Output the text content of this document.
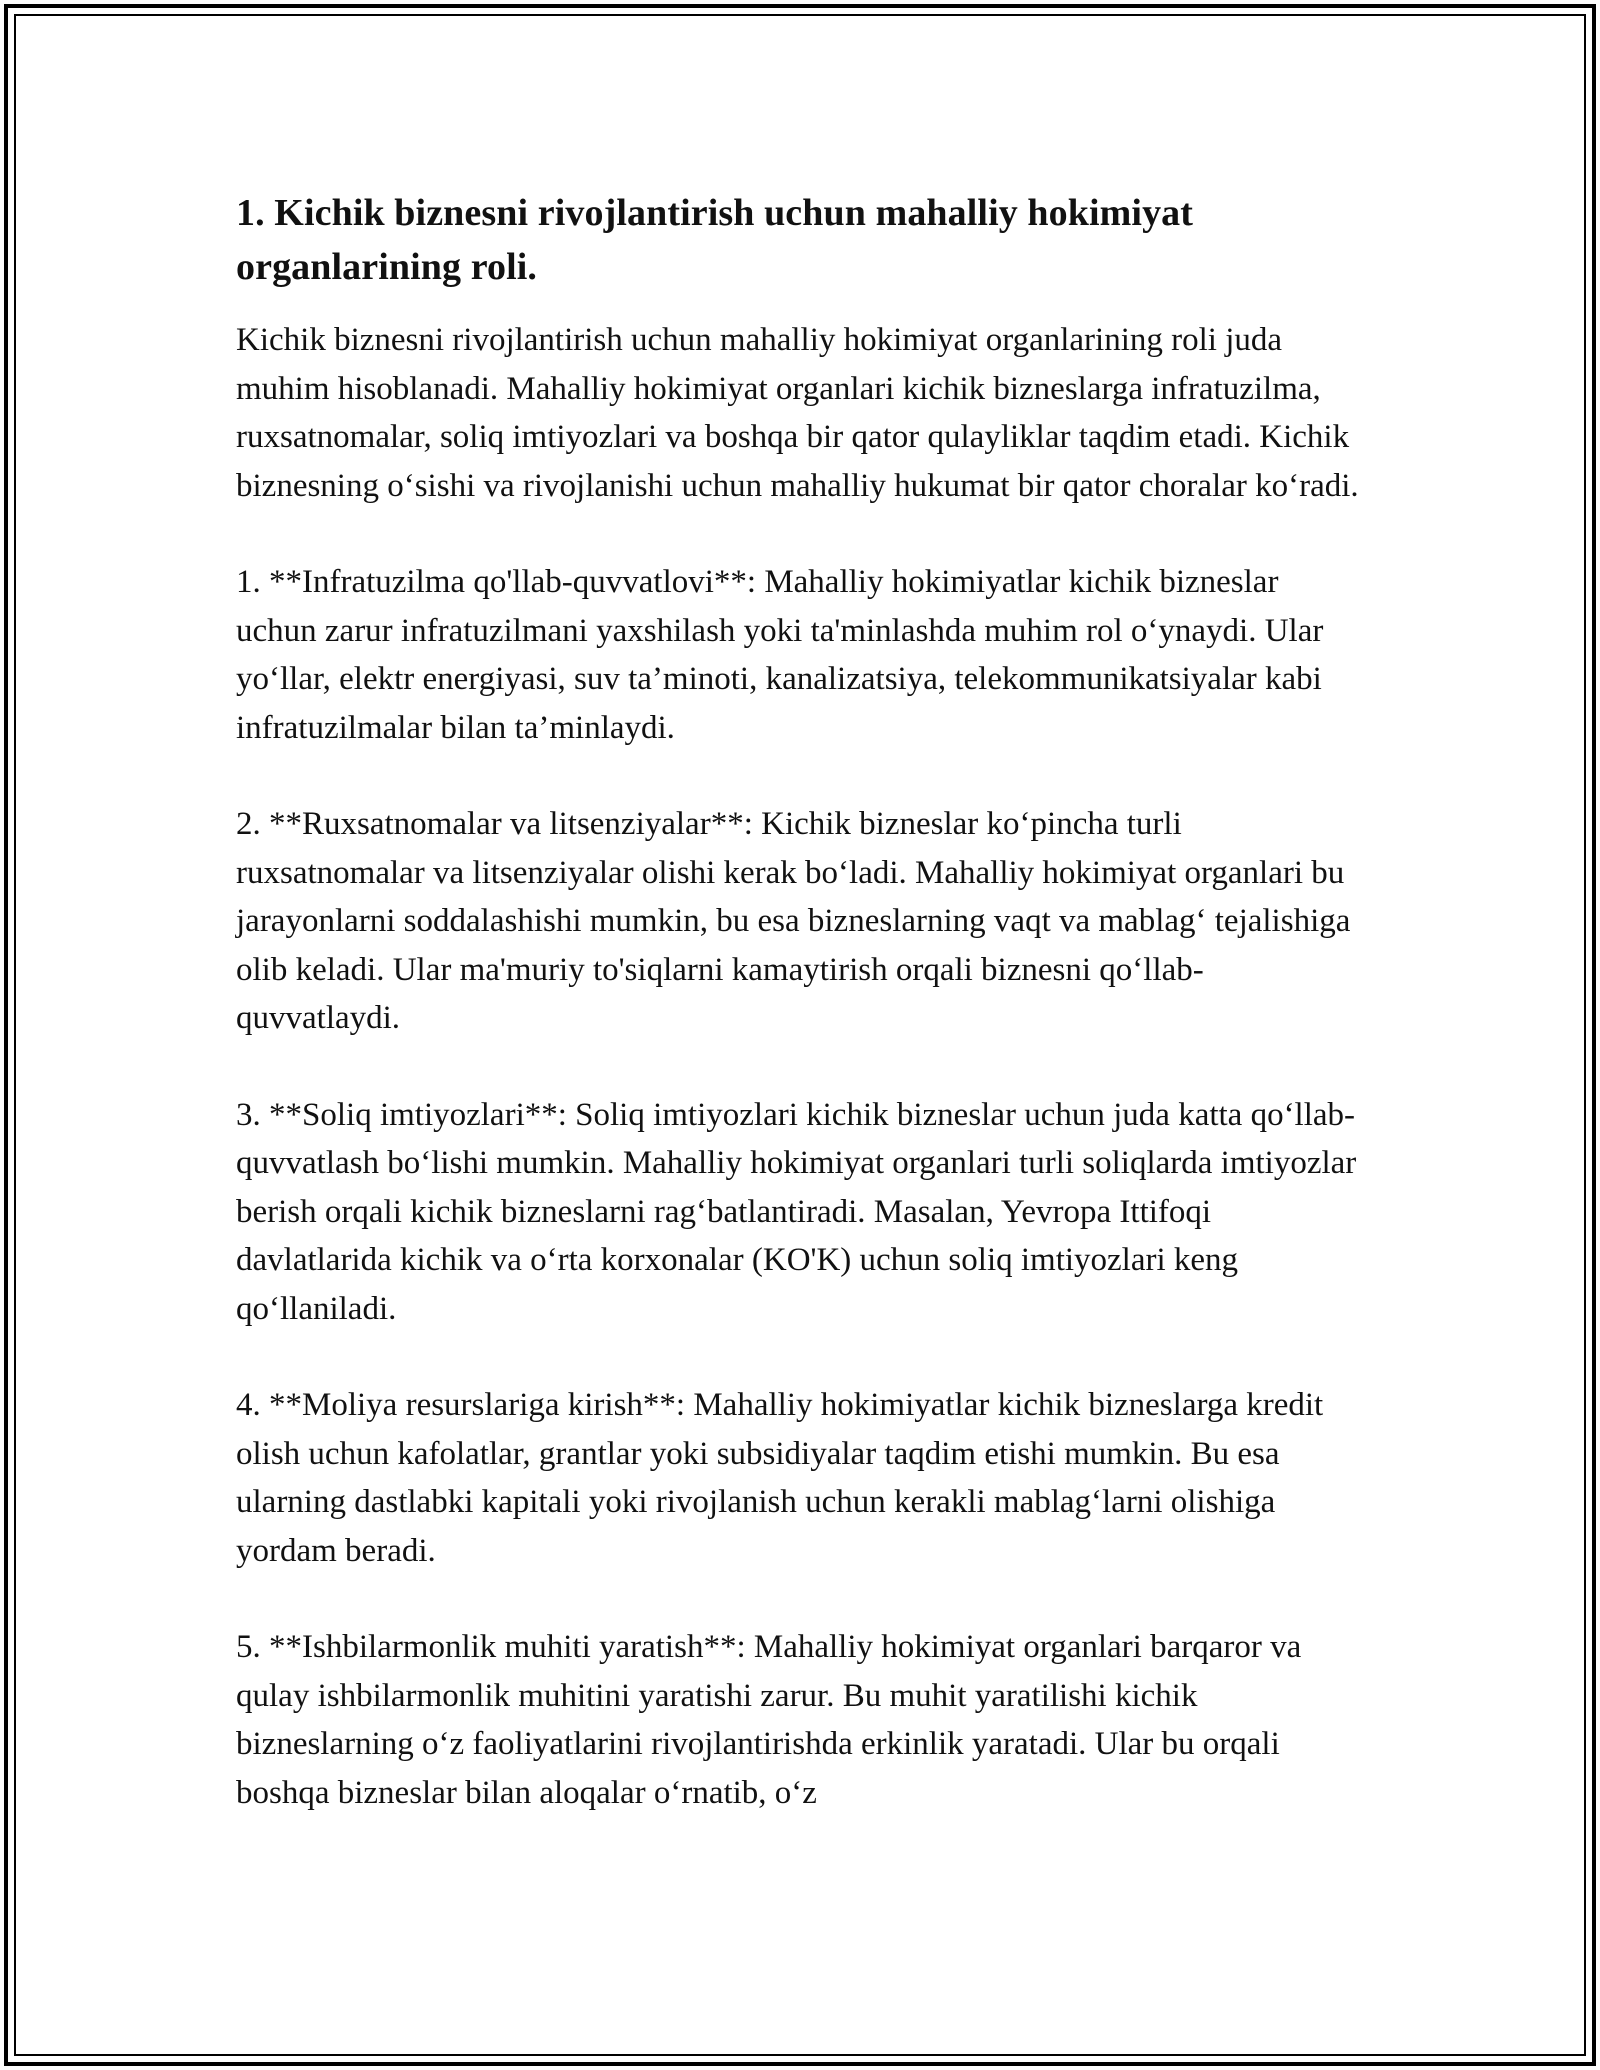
1. Kichik biznesni rivojlantirish uchun mahalliy hokimiyat organlarining roli.

Kichik biznesni rivojlantirish uchun mahalliy hokimiyat organlarining roli juda muhim hisoblanadi. Mahalliy hokimiyat organlari kichik bizneslarga infratuzilma, ruxsatnomalar, soliq imtiyozlari va boshqa bir qator qulayliklar taqdim etadi. Kichik biznesning o‘sishi va rivojlanishi uchun mahalliy hukumat bir qator choralar ko‘radi.

1. **Infratuzilma qo'llab-quvvatlovi**: Mahalliy hokimiyatlar kichik bizneslar uchun zarur infratuzilmani yaxshilash yoki ta'minlashda muhim rol o‘ynaydi. Ular yo‘llar, elektr energiyasi, suv ta’minoti, kanalizatsiya, telekommunikatsiyalar kabi infratuzilmalar bilan ta’minlaydi.

2. **Ruxsatnomalar va litsenziyalar**: Kichik bizneslar ko‘pincha turli ruxsatnomalar va litsenziyalar olishi kerak bo‘ladi. Mahalliy hokimiyat organlari bu jarayonlarni soddalashishi mumkin, bu esa bizneslarning vaqt va mablag‘ tejalishiga olib keladi. Ular ma'muriy to'siqlarni kamaytirish orqali biznesni qo‘llab-quvvatlaydi.

3. **Soliq imtiyozlari**: Soliq imtiyozlari kichik bizneslar uchun juda katta qo‘llab-quvvatlash bo‘lishi mumkin. Mahalliy hokimiyat organlari turli soliqlarda imtiyozlar berish orqali kichik bizneslarni rag‘batlantiradi. Masalan, Yevropa Ittifoqi davlatlarida kichik va o‘rta korxonalar (KO'K) uchun soliq imtiyozlari keng qo‘llaniladi.

4. **Moliya resurslariga kirish**: Mahalliy hokimiyatlar kichik bizneslarga kredit olish uchun kafolatlar, grantlar yoki subsidiyalar taqdim etishi mumkin. Bu esa ularning dastlabki kapitali yoki rivojlanish uchun kerakli mablag‘larni olishiga yordam beradi.

5. **Ishbilarmonlik muhiti yaratish**: Mahalliy hokimiyat organlari barqaror va qulay ishbilarmonlik muhitini yaratishi zarur. Bu muhit yaratilishi kichik bizneslarning o‘z faoliyatlarini rivojlantirishda erkinlik yaratadi. Ular bu orqali boshqa bizneslar bilan aloqalar o‘rnatib, o‘z
